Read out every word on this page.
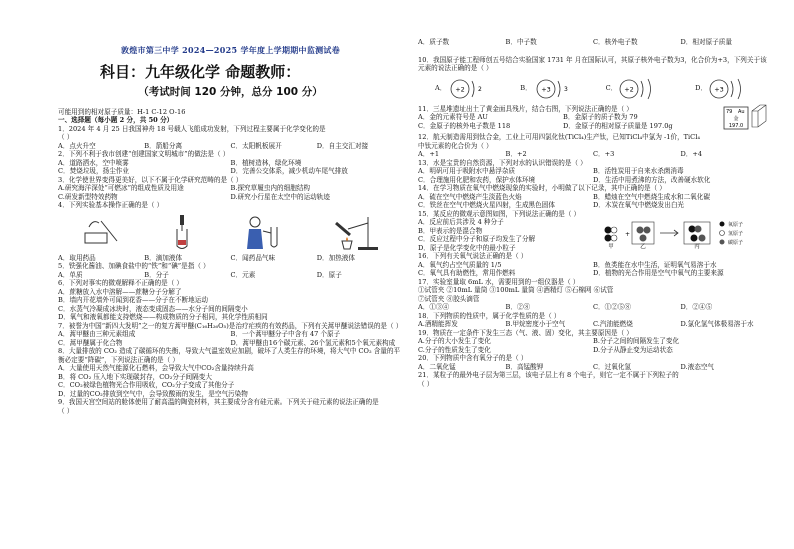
敦煌市第三中学 2024—2025 学年度上学期期中监测试卷
科目：九年级化学 命题教师：
（考试时间 120 分钟，总分 100 分）
可能用到的相对原子质量：H-1 C-12 O-16
一、选择题（每小题 2 分，共 50 分）
1．2024 年 4 月 25 日我国神舟 18 号载人飞船成功发射，下列过程主要属于化学变化的是
（ ）
A．点火升空	B．箭船分离	C．太阳帆板展开	D．自主交汇对接
2．下列不利于我市创建“创建国家文明城市”的做法是（ ）
A．道路洒水，空中喷雾	B．植树造林，绿化环境
C．焚烧垃圾，扬尘作业	D．完善公交体系，减少机动车尾气排放
3．化学使世界变得更美好，以下不属于化学研究范畴的是（ ）
A.研究海洋深处“可燃冰”的组成性质及用途	B.探究草履虫内的细胞结构
C.研发新型特效药物	D.研究小行星在太空中的运动轨迹
4．下列实验基本操作正确的是（ ）
A．取用药品	B．滴加液体	C．闻药品气味	D．加热液体
5．铁强化酱油、加碘食盐中的“铁”和“碘”是指（ ）
A．单质	B．分子	C．元素	D．原子
6．下列对事实的微观解释不正确的是（ ）
A．蔗糖放入水中溶解——蔗糖分子分解了
B．墙内开花墙外可闻到花香——分子在不断地运动
C．水蒸气冷凝成冰块时，液态变成固态——水分子间的间隔变小
D．氧气和液氧都能支持燃烧——构成物质的分子相同，其化学性质相同
7．被誉为中国“新四大发明”之一的复方蒿甲醚(C₁₆H₂₆O₅)是治疗疟疾的有效药品，下列有关蒿甲醚说法错误的是（ ）
A．蒿甲醚由三种元素组成	B．一个蒿甲醚分子中含有 47 个原子
C．蒿甲醚属于化合物	D．蒿甲醚由16个碳元素、26个氢元素和5个氧元素构成
8．大量排放的 CO₂ 造成了碳循环的失衡，导致大气温室效应加剧，破坏了人类生存的环境，将大气中 CO₂ 含量的平衡必定要“降碳”，下列说法正确的是（ ）
A．大量使用天然气能源化石燃料，会导致大气中CO₂含量持续升高
B．将 CO₂ 压入地下实现碳封存，CO₂分子间隔变大
C．CO₂被绿色植物光合作用吸收，CO₂分子变成了其他分子
D．过量的CO₂排放到空气中，会导致酸雨的发生，是空气污染物
9．我国天宫空间站的舱体使用了耐高温的陶瓷材料，其主要成分含有硅元素。下列关于硅元素的说法正确的是
（ ）
A．质子数	B．中子数	C．核外电子数	D．相对原子质量
10．我国原子能工程师创五号结合实验国家 1731 年 月在国际认可，其原子核外电子数为3，化合价为+3，下列关于该元素的说法正确的是（ ）
A． +2 2	B． +3 3	C． +2	D． +3
11．三星堆遗址出土了黄金面具残片，结合右图，下列说法正确的是（ ）
A．金的元素符号是 AU	B．金原子的质子数为 79
C．金原子的核外电子数是 118	D．金原子的相对原子质量是 197.0g
79 Au
金
197.0
12．航天制造需用到钛合金，工业上可用四氯化钛(TiCl₄)生产钛，已知TiCl₄中氯为 -1价，TiCl₄
中钛元素的化合价为（ ）
A．+1	B．+2	C．+3	D．+4
13．水是宝贵的自然资源，下列对水的认识错误的是（ ）
A．明矾可用于吸附水中悬浮杂质	B．活性炭用于自来水杀菌消毒
C．合理施用化肥和农药，保护水体环境	D．生活中用煮沸的方法，改善硬水软化
14．在学习物质在氧气中燃烧现象的实验时，小明做了以下记录，其中正确的是（ ）
A．硫在空气中燃烧产生淡蓝色火焰	B．蜡烛在空气中燃烧生成水和二氧化碳
C．铁丝在空气中燃烧火星四射，生成黑色固体	D．木炭在氧气中燃烧发出白光
15．某反应的微观示意图如图，下列说法正确的是（ ）
A．反应前后共涉及 4 种分子
B．甲表示的是混合物
C．反应过程中分子和原子均发生了分解
D．原子是化学变化中的最小粒子	甲
+
乙	丙
氧原子
氢原子
碳原子
16．下列有关氧气说法正确的是（ ）
A．氧气约占空气质量的 1/5	B．鱼类能在水中生活，证明氧气易溶于水
C．氧气具有助燃性，常用作燃料	D．植物的光合作用是空气中氧气的主要来源
17．实验室量取 6mL 水，需要用到的一组仪器是（ ）
①试管夹 ②10mL 量筒 ③100mL 量筒 ④酒精灯 ⑤石棉网 ⑥试管
⑦试管夹 ⑧胶头滴管
A．①③④	B．②⑧	C．①②⑤⑧	D．②④⑤
18．下列物质的性质中，属于化学性质的是（ ）
A.酒精能挥发	B.甲烷密度小于空气	C.汽油能燃烧	D.氯化氢气体极易溶于水
19．物质在一定条件下发生三态（气、液、固）变化，其主要原因是（ ）
A.分子的大小发生了变化	B.分子之间的间隔发生了变化
C.分子的性质发生了变化	D.分子从静止变为运动状态
20．下列物质中含有氧分子的是（ ）
A．二氧化锰	B．高锰酸钾	C．过氧化氢	D.液态空气
21．某粒子的最外电子层为第三层，该电子层上有 8 个电子，则它一定不属于下列粒子的
（ ）
